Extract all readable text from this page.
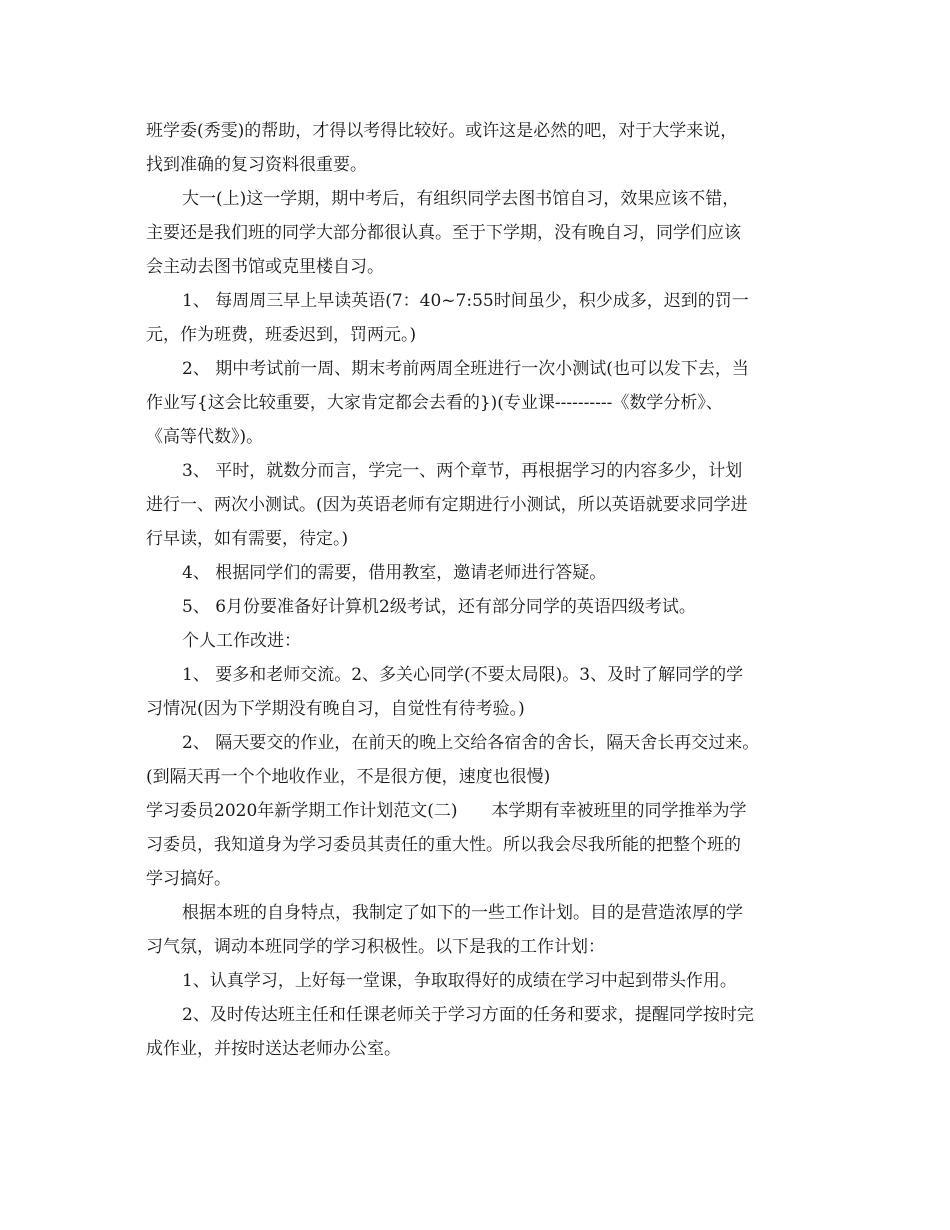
班学委(秀雯)的帮助，才得以考得比较好。或许这是必然的吧，对于大学来说，
找到准确的复习资料很重要。
大一(上)这一学期，期中考后，有组织同学去图书馆自习，效果应该不错，
主要还是我们班的同学大部分都很认真。至于下学期，没有晚自习，同学们应该
会主动去图书馆或克里楼自习。
1、 每周周三早上早读英语(7：40~7:55时间虽少，积少成多，迟到的罚一
元，作为班费，班委迟到，罚两元。)
2、 期中考试前一周、期末考前两周全班进行一次小测试(也可以发下去，当
作业写{这会比较重要，大家肯定都会去看的})(专业课----------《数学分析》、
《高等代数》)。
3、 平时，就数分而言，学完一、两个章节，再根据学习的内容多少，计划
进行一、两次小测试。(因为英语老师有定期进行小测试，所以英语就要求同学进
行早读，如有需要，待定。)
4、 根据同学们的需要，借用教室，邀请老师进行答疑。
5、 6月份要准备好计算机2级考试，还有部分同学的英语四级考试。
个人工作改进：
1、 要多和老师交流。2、多关心同学(不要太局限)。3、及时了解同学的学
习情况(因为下学期没有晚自习，自觉性有待考验。)
2、 隔天要交的作业，在前天的晚上交给各宿舍的舍长，隔天舍长再交过来。
(到隔天再一个个地收作业，不是很方便，速度也很慢)
学习委员2020年新学期工作计划范文(二)　　本学期有幸被班里的同学推举为学
习委员，我知道身为学习委员其责任的重大性。所以我会尽我所能的把整个班的
学习搞好。
根据本班的自身特点，我制定了如下的一些工作计划。目的是营造浓厚的学
习气氛，调动本班同学的学习积极性。以下是我的工作计划：
1、认真学习，上好每一堂课，争取取得好的成绩在学习中起到带头作用。
2、及时传达班主任和任课老师关于学习方面的任务和要求，提醒同学按时完
成作业，并按时送达老师办公室。
